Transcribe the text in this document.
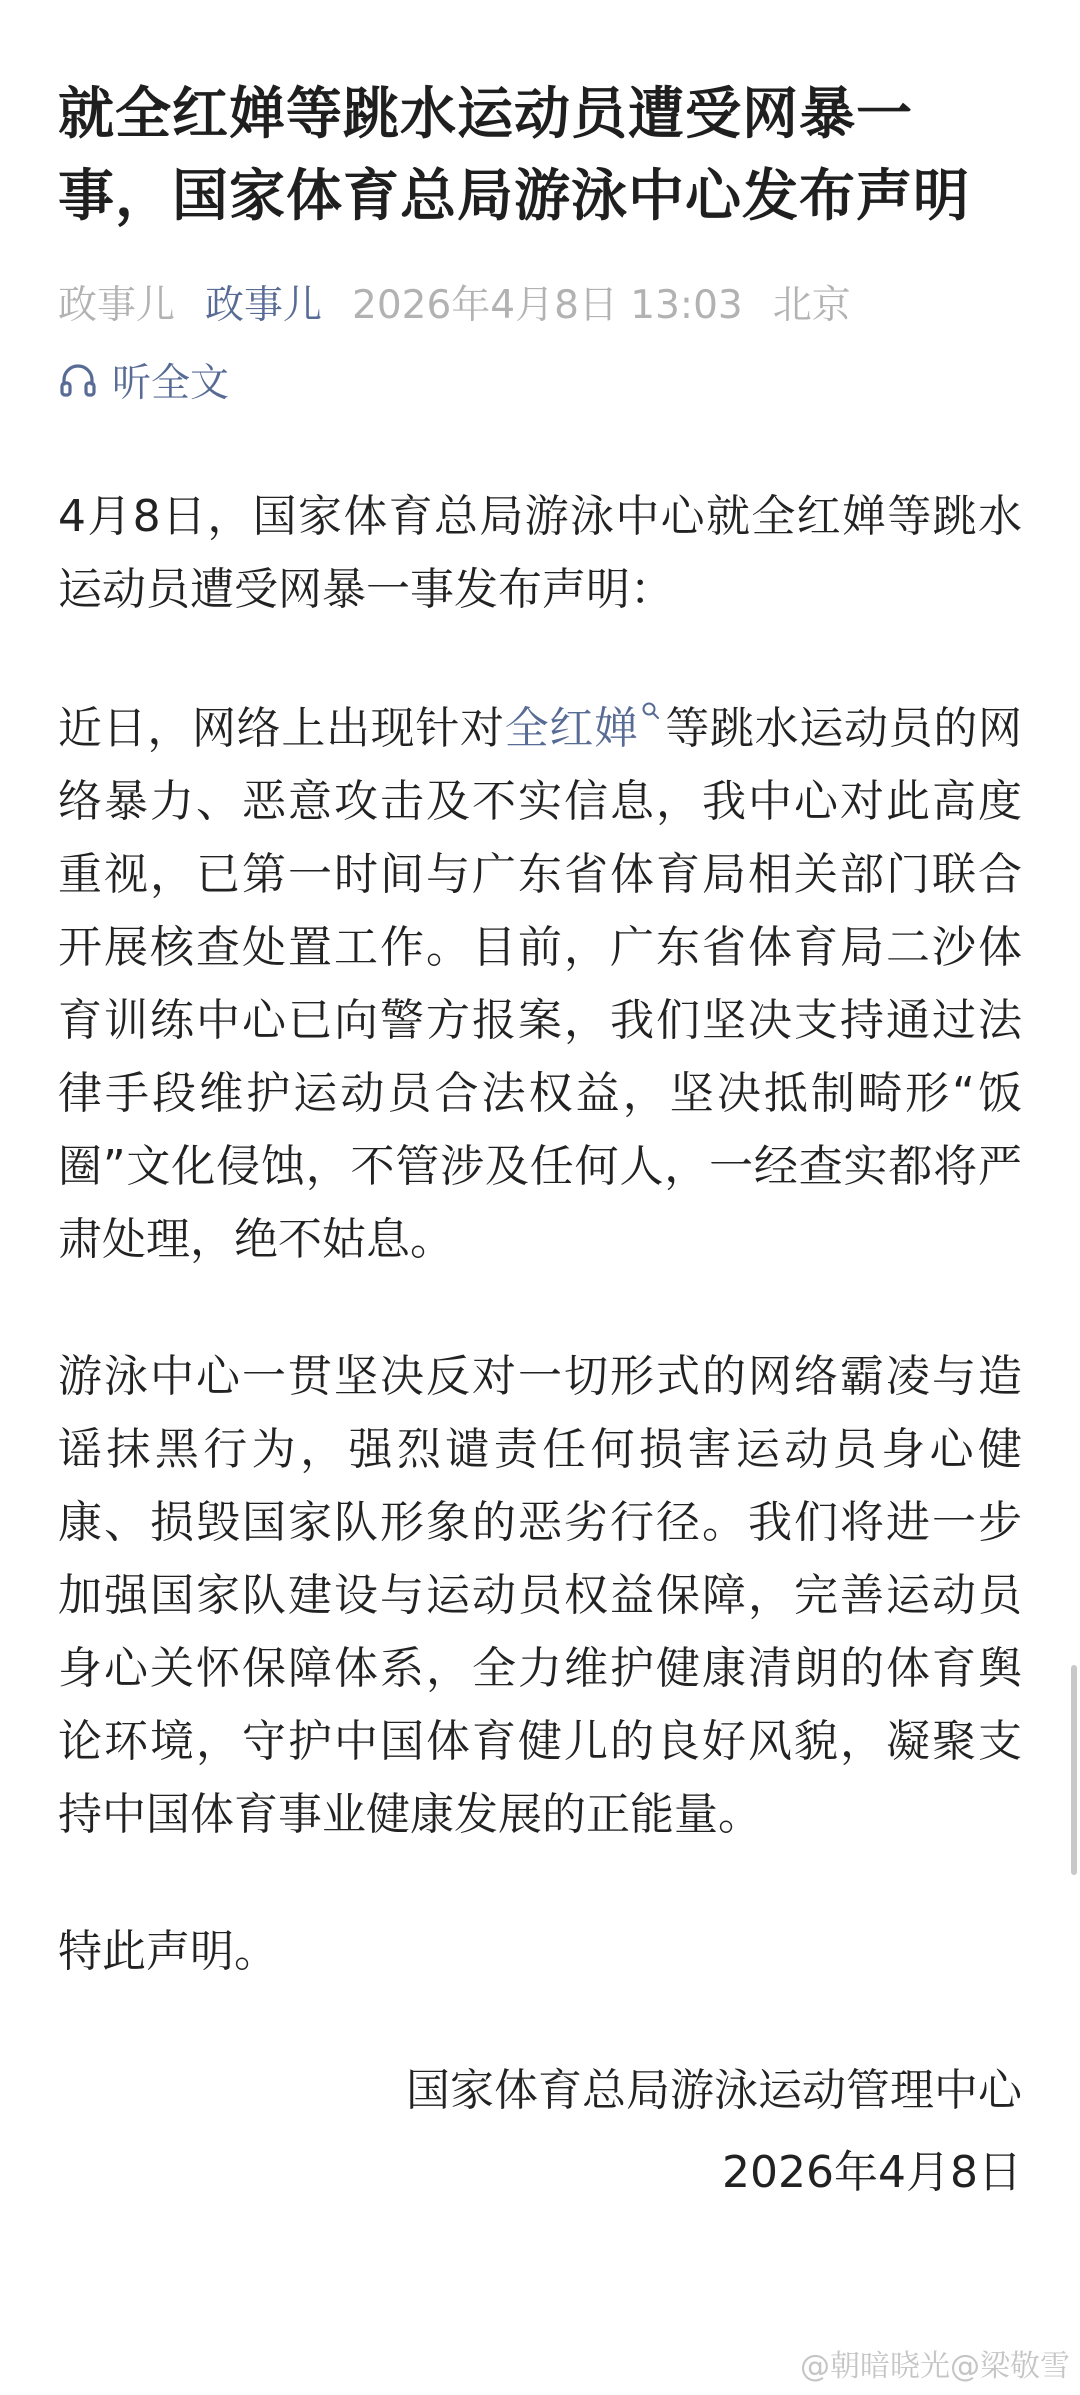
就全红婵等跳水运动员遭受网暴一事，国家体育总局游泳中心发布声明
政事儿 政事儿 2026年4月8日 13:03 北京
听全文

4月8日，国家体育总局游泳中心就全红婵等跳水运动员遭受网暴一事发布声明：

近日，网络上出现针对全红婵 等跳水运动员的网络暴力、恶意攻击及不实信息，我中心对此高度重视，已第一时间与广东省体育局相关部门联合开展核查处置工作。目前，广东省体育局二沙体育训练中心已向警方报案，我们坚决支持通过法律手段维护运动员合法权益，坚决抵制畸形“饭圈”文化侵蚀，不管涉及任何人，一经查实都将严肃处理，绝不姑息。

游泳中心一贯坚决反对一切形式的网络霸凌与造谣抹黑行为，强烈谴责任何损害运动员身心健康、损毁国家队形象的恶劣行径。我们将进一步加强国家队建设与运动员权益保障，完善运动员身心关怀保障体系，全力维护健康清朗的体育舆论环境，守护中国体育健儿的良好风貌，凝聚支持中国体育事业健康发展的正能量。

特此声明。

国家体育总局游泳运动管理中心
2026年4月8日
@朝暗晓光@梁敬雪
